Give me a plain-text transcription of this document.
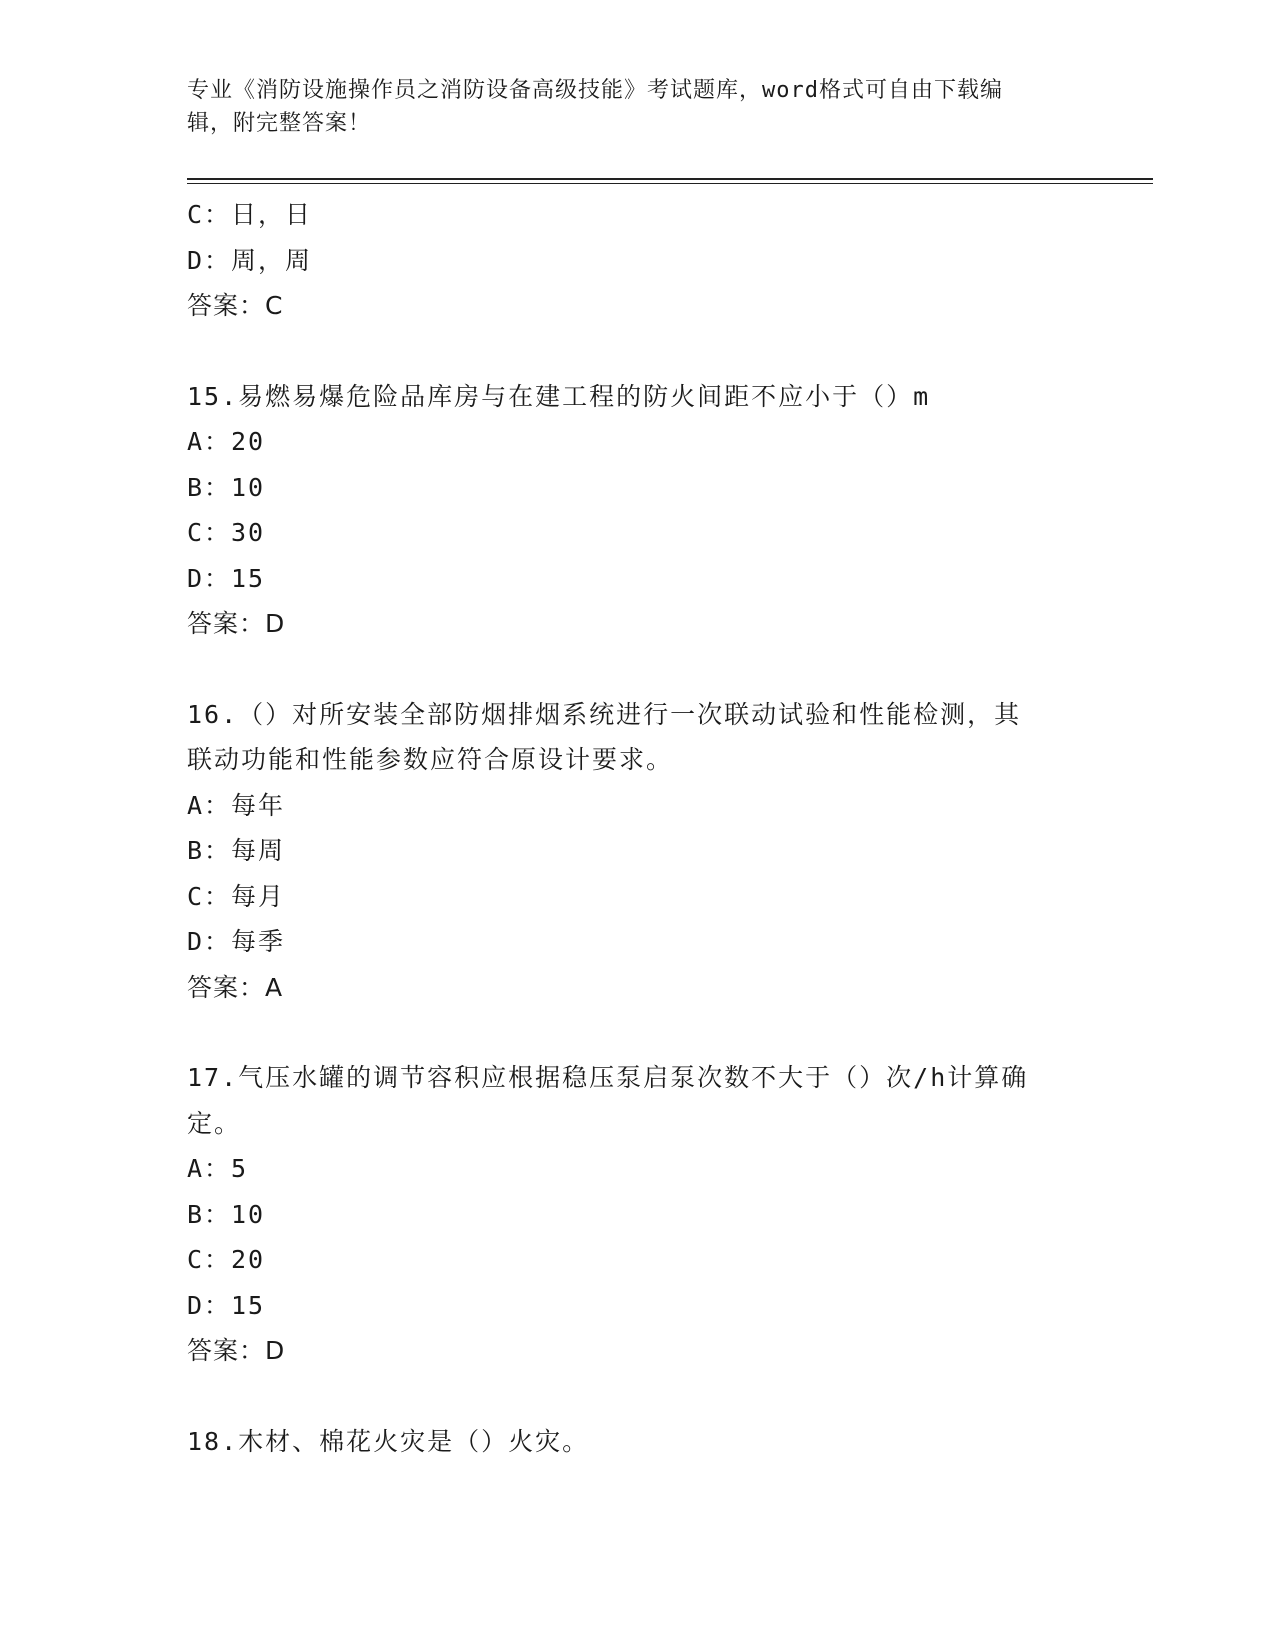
专业《消防设施操作员之消防设备高级技能》考试题库，word格式可自由下载编
辑，附完整答案！
C：日，日
D：周，周
答案：C
15.易燃易爆危险品库房与在建工程的防火间距不应小于（）m
A：20
B：10
C：30
D：15
答案：D
16.（）对所安装全部防烟排烟系统进行一次联动试验和性能检测，其
联动功能和性能参数应符合原设计要求。
A：每年
B：每周
C：每月
D：每季
答案：A
17.气压水罐的调节容积应根据稳压泵启泵次数不大于（）次/h计算确
定。
A：5
B：10
C：20
D：15
答案：D
18.木材、棉花火灾是（）火灾。
